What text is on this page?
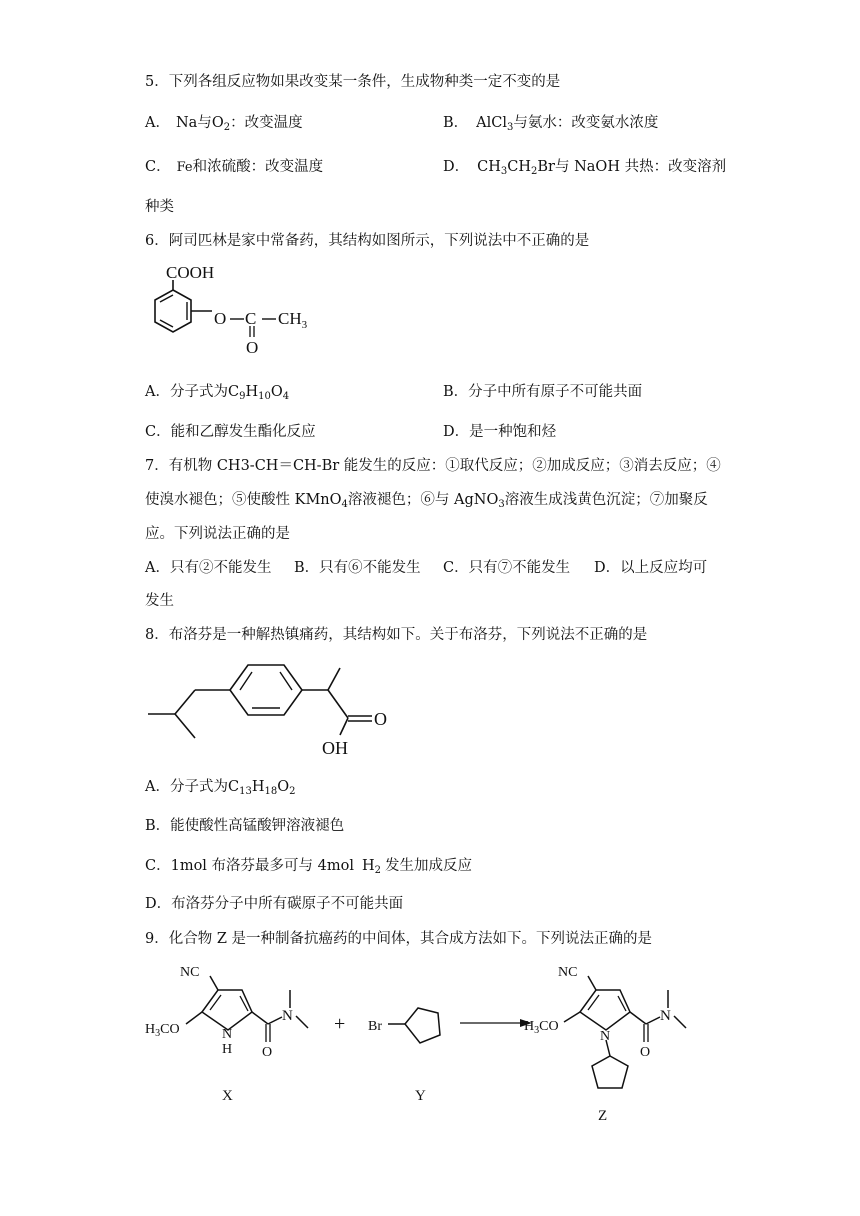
5．下列各组反应物如果改变某一条件，生成物种类一定不变的是
A． Na与$O_2$：改变温度	B． AlCl$_3$与氨水：改变氨水浓度
C． Fe和浓硫酸：改变温度	D． $CH_3CH_2Br$与 NaOH 共热：改变溶剂
种类
6．阿司匹林是家中常备药，其结构如图所示，下列说法中不正确的是
COOH
O C $CH_3$
O
A．分子式为$C_9H_{10}O_4$	B．分子中所有原子不可能共面
C．能和乙醇发生酯化反应	D．是一种饱和烃
7．有机物 CH3-CH＝CH-Br 能发生的反应：①取代反应；②加成反应；③消去反应；④
使溴水褪色；⑤使酸性 KMnO$_4$溶液褪色；⑥与 AgNO$_3$溶液生成浅黄色沉淀；⑦加聚反
应。下列说法正确的是
A．只有②不能发生 B．只有⑥不能发生 C．只有⑦不能发生 D．以上反应均可
发生
8．布洛芬是一种解热镇痛药，其结构如下。关于布洛芬，下列说法不正确的是
O
OH
A．分子式为$C_{13}H_{18}O_2$
B．能使酸性高锰酸钾溶液褪色
C．1mol 布洛芬最多可与 4mol $H_2$ 发生加成反应
D．布洛芬分子中所有碳原子不可能共面
9．化合物 Z 是一种制备抗癌药的中间体，其合成方法如下。下列说法正确的是
NC
$H_3CO$
N
N
H O
X
+ Br
Y
NC
$H_3CO$
N
N
O
Z
